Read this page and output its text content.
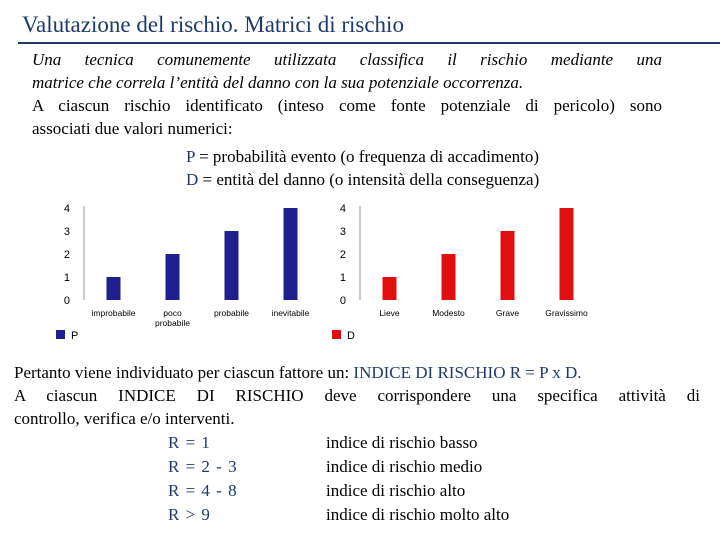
Valutazione del rischio. Matrici di rischio
Una tecnica comunemente utilizzata classifica il rischio mediante una
matrice che correla l’entità del danno con la sua potenziale occorrenza.
A ciascun rischio identificato (inteso come fonte potenziale di pericolo) sono
associati due valori numerici:
P = probabilità evento (o frequenza di accadimento)
D = entità del danno (o intensità della conseguenza)
0
1
2
3
4
improbabile	poco
probabile
probabile	inevitabile
P
0
1
2
3
4
Lieve	Modesto	Grave	Gravissimo
D
Pertanto viene individuato per ciascun fattore un: INDICE DI RISCHIO R = P x D.
A ciascun INDICE DI RISCHIO deve corrispondere una specifica attività di
controllo, verifica e/o interventi.
R = 1	indice di rischio basso
R = 2 - 3	indice di rischio medio
R = 4 - 8	indice di rischio alto
R > 9	indice di rischio molto alto
